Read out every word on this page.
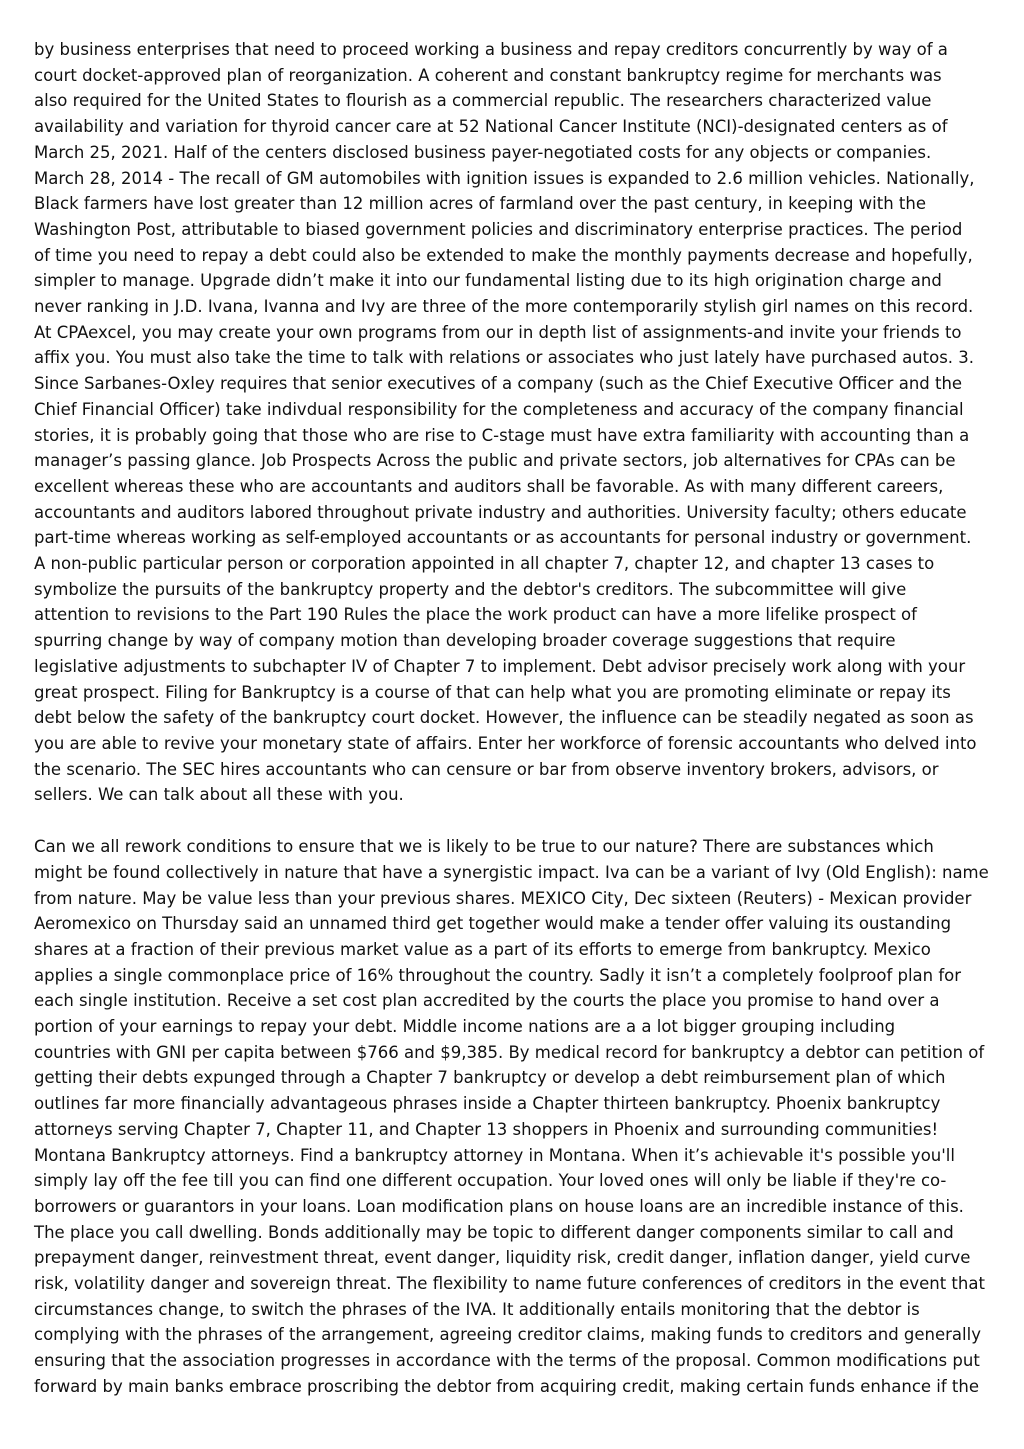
by business enterprises that need to proceed working a business and repay creditors concurrently by way of a
court docket-approved plan of reorganization. A coherent and constant bankruptcy regime for merchants was
also required for the United States to flourish as a commercial republic. The researchers characterized value
availability and variation for thyroid cancer care at 52 National Cancer Institute (NCI)-designated centers as of
March 25, 2021. Half of the centers disclosed business payer-negotiated costs for any objects or companies.
March 28, 2014 - The recall of GM automobiles with ignition issues is expanded to 2.6 million vehicles. Nationally,
Black farmers have lost greater than 12 million acres of farmland over the past century, in keeping with the
Washington Post, attributable to biased government policies and discriminatory enterprise practices. The period
of time you need to repay a debt could also be extended to make the monthly payments decrease and hopefully,
simpler to manage. Upgrade didn’t make it into our fundamental listing due to its high origination charge and
never ranking in J.D. Ivana, Ivanna and Ivy are three of the more contemporarily stylish girl names on this record.
At CPAexcel, you may create your own programs from our in depth list of assignments-and invite your friends to
affix you. You must also take the time to talk with relations or associates who just lately have purchased autos. 3.
Since Sarbanes-Oxley requires that senior executives of a company (such as the Chief Executive Officer and the
Chief Financial Officer) take indivdual responsibility for the completeness and accuracy of the company financial
stories, it is probably going that those who are rise to C-stage must have extra familiarity with accounting than a
manager’s passing glance. Job Prospects Across the public and private sectors, job alternatives for CPAs can be
excellent whereas these who are accountants and auditors shall be favorable. As with many different careers,
accountants and auditors labored throughout private industry and authorities. University faculty; others educate
part-time whereas working as self-employed accountants or as accountants for personal industry or government.
A non-public particular person or corporation appointed in all chapter 7, chapter 12, and chapter 13 cases to
symbolize the pursuits of the bankruptcy property and the debtor's creditors. The subcommittee will give
attention to revisions to the Part 190 Rules the place the work product can have a more lifelike prospect of
spurring change by way of company motion than developing broader coverage suggestions that require
legislative adjustments to subchapter IV of Chapter 7 to implement. Debt advisor precisely work along with your
great prospect. Filing for Bankruptcy is a course of that can help what you are promoting eliminate or repay its
debt below the safety of the bankruptcy court docket. However, the influence can be steadily negated as soon as
you are able to revive your monetary state of affairs. Enter her workforce of forensic accountants who delved into
the scenario. The SEC hires accountants who can censure or bar from observe inventory brokers, advisors, or
sellers. We can talk about all these with you.

Can we all rework conditions to ensure that we is likely to be true to our nature? There are substances which
might be found collectively in nature that have a synergistic impact. Iva can be a variant of Ivy (Old English): name
from nature. May be value less than your previous shares. MEXICO City, Dec sixteen (Reuters) - Mexican provider
Aeromexico on Thursday said an unnamed third get together would make a tender offer valuing its oustanding
shares at a fraction of their previous market value as a part of its efforts to emerge from bankruptcy. Mexico
applies a single commonplace price of 16% throughout the country. Sadly it isn’t a completely foolproof plan for
each single institution. Receive a set cost plan accredited by the courts the place you promise to hand over a
portion of your earnings to repay your debt. Middle income nations are a a lot bigger grouping including
countries with GNI per capita between $766 and $9,385. By medical record for bankruptcy a debtor can petition of
getting their debts expunged through a Chapter 7 bankruptcy or develop a debt reimbursement plan of which
outlines far more financially advantageous phrases inside a Chapter thirteen bankruptcy. Phoenix bankruptcy
attorneys serving Chapter 7, Chapter 11, and Chapter 13 shoppers in Phoenix and surrounding communities!
Montana Bankruptcy attorneys. Find a bankruptcy attorney in Montana. When it’s achievable it's possible you'll
simply lay off the fee till you can find one different occupation. Your loved ones will only be liable if they're co-
borrowers or guarantors in your loans. Loan modification plans on house loans are an incredible instance of this.
The place you call dwelling. Bonds additionally may be topic to different danger components similar to call and
prepayment danger, reinvestment threat, event danger, liquidity risk, credit danger, inflation danger, yield curve
risk, volatility danger and sovereign threat. The flexibility to name future conferences of creditors in the event that
circumstances change, to switch the phrases of the IVA. It additionally entails monitoring that the debtor is
complying with the phrases of the arrangement, agreeing creditor claims, making funds to creditors and generally
ensuring that the association progresses in accordance with the terms of the proposal. Common modifications put
forward by main banks embrace proscribing the debtor from acquiring credit, making certain funds enhance if the
